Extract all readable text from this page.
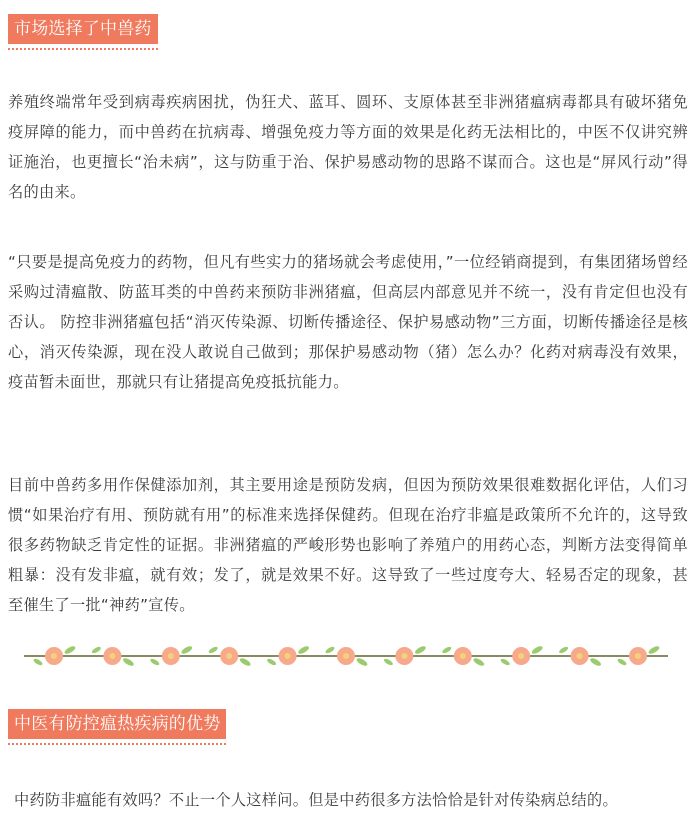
市场选择了中兽药

养殖终端常年受到病毒疾病困扰，伪狂犬、蓝耳、圆环、支原体甚至非洲猪瘟病毒都具有破坏猪免疫屏障的能力，而中兽药在抗病毒、增强免疫力等方面的效果是化药无法相比的，中医不仅讲究辨证施治，也更擅长“治未病”，这与防重于治、保护易感动物的思路不谋而合。这也是“屏风行动”得名的由来。

“只要是提高免疫力的药物，但凡有些实力的猪场就会考虑使用，”一位经销商提到，有集团猪场曾经采购过清瘟散、防蓝耳类的中兽药来预防非洲猪瘟，但高层内部意见并不统一，没有肯定但也没有否认。 防控非洲猪瘟包括“消灭传染源、切断传播途径、保护易感动物”三方面，切断传播途径是核心，消灭传染源，现在没人敢说自己做到；那保护易感动物（猪）怎么办？化药对病毒没有效果，疫苗暂未面世，那就只有让猪提高免疫抵抗能力。

目前中兽药多用作保健添加剂，其主要用途是预防发病，但因为预防效果很难数据化评估，人们习惯“如果治疗有用、预防就有用”的标准来选择保健药。但现在治疗非瘟是政策所不允许的，这导致很多药物缺乏肯定性的证据。非洲猪瘟的严峻形势也影响了养殖户的用药心态，判断方法变得简单粗暴：没有发非瘟，就有效；发了，就是效果不好。这导致了一些过度夸大、轻易否定的现象，甚至催生了一批“神药”宣传。

中医有防控瘟热疾病的优势

中药防非瘟能有效吗？不止一个人这样问。但是中药很多方法恰恰是针对传染病总结的。
